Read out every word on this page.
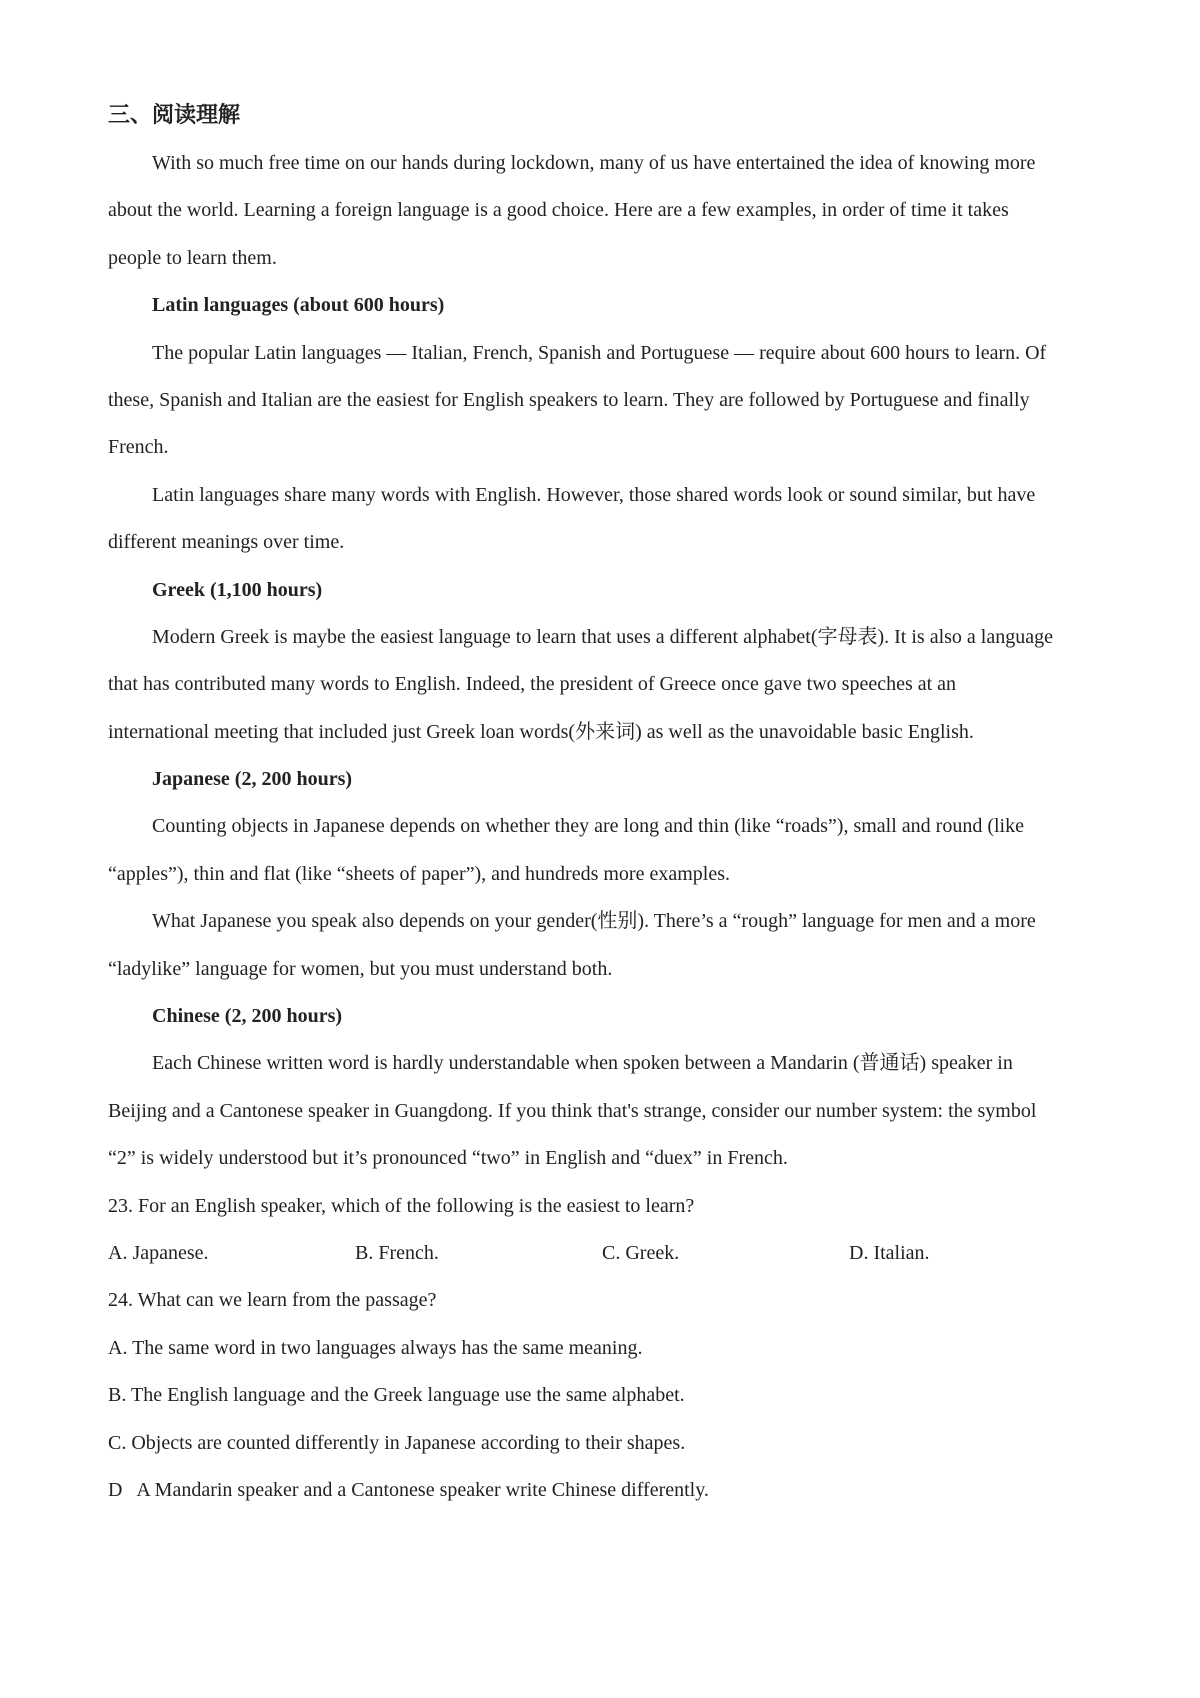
三、阅读理解

With so much free time on our hands during lockdown, many of us have entertained the idea of knowing more

about the world. Learning a foreign language is a good choice. Here are a few examples, in order of time it takes

people to learn them.

Latin languages (about 600 hours)

The popular Latin languages — Italian, French, Spanish and Portuguese — require about 600 hours to learn. Of

these, Spanish and Italian are the easiest for English speakers to learn. They are followed by Portuguese and finally

French.

Latin languages share many words with English. However, those shared words look or sound similar, but have

different meanings over time.

Greek (1,100 hours)

Modern Greek is maybe the easiest language to learn that uses a different alphabet(字母表). It is also a language

that has contributed many words to English. Indeed, the president of Greece once gave two speeches at an

international meeting that included just Greek loan words(外来词) as well as the unavoidable basic English.

Japanese (2, 200 hours)

Counting objects in Japanese depends on whether they are long and thin (like “roads”), small and round (like

“apples”), thin and flat (like “sheets of paper”), and hundreds more examples.

What Japanese you speak also depends on your gender(性别). There’s a “rough” language for men and a more

“ladylike” language for women, but you must understand both.

Chinese (2, 200 hours)

Each Chinese written word is hardly understandable when spoken between a Mandarin (普通话) speaker in

Beijing and a Cantonese speaker in Guangdong. If you think that's strange, consider our number system: the symbol

“2” is widely understood but it’s pronounced “two” in English and “duex” in French.

23. For an English speaker, which of the following is the easiest to learn?

A. Japanese.	B. French.	C. Greek.	D. Italian.

24. What can we learn from the passage?

A. The same word in two languages always has the same meaning.

B. The English language and the Greek language use the same alphabet.

C. Objects are counted differently in Japanese according to their shapes.

D   A Mandarin speaker and a Cantonese speaker write Chinese differently.
